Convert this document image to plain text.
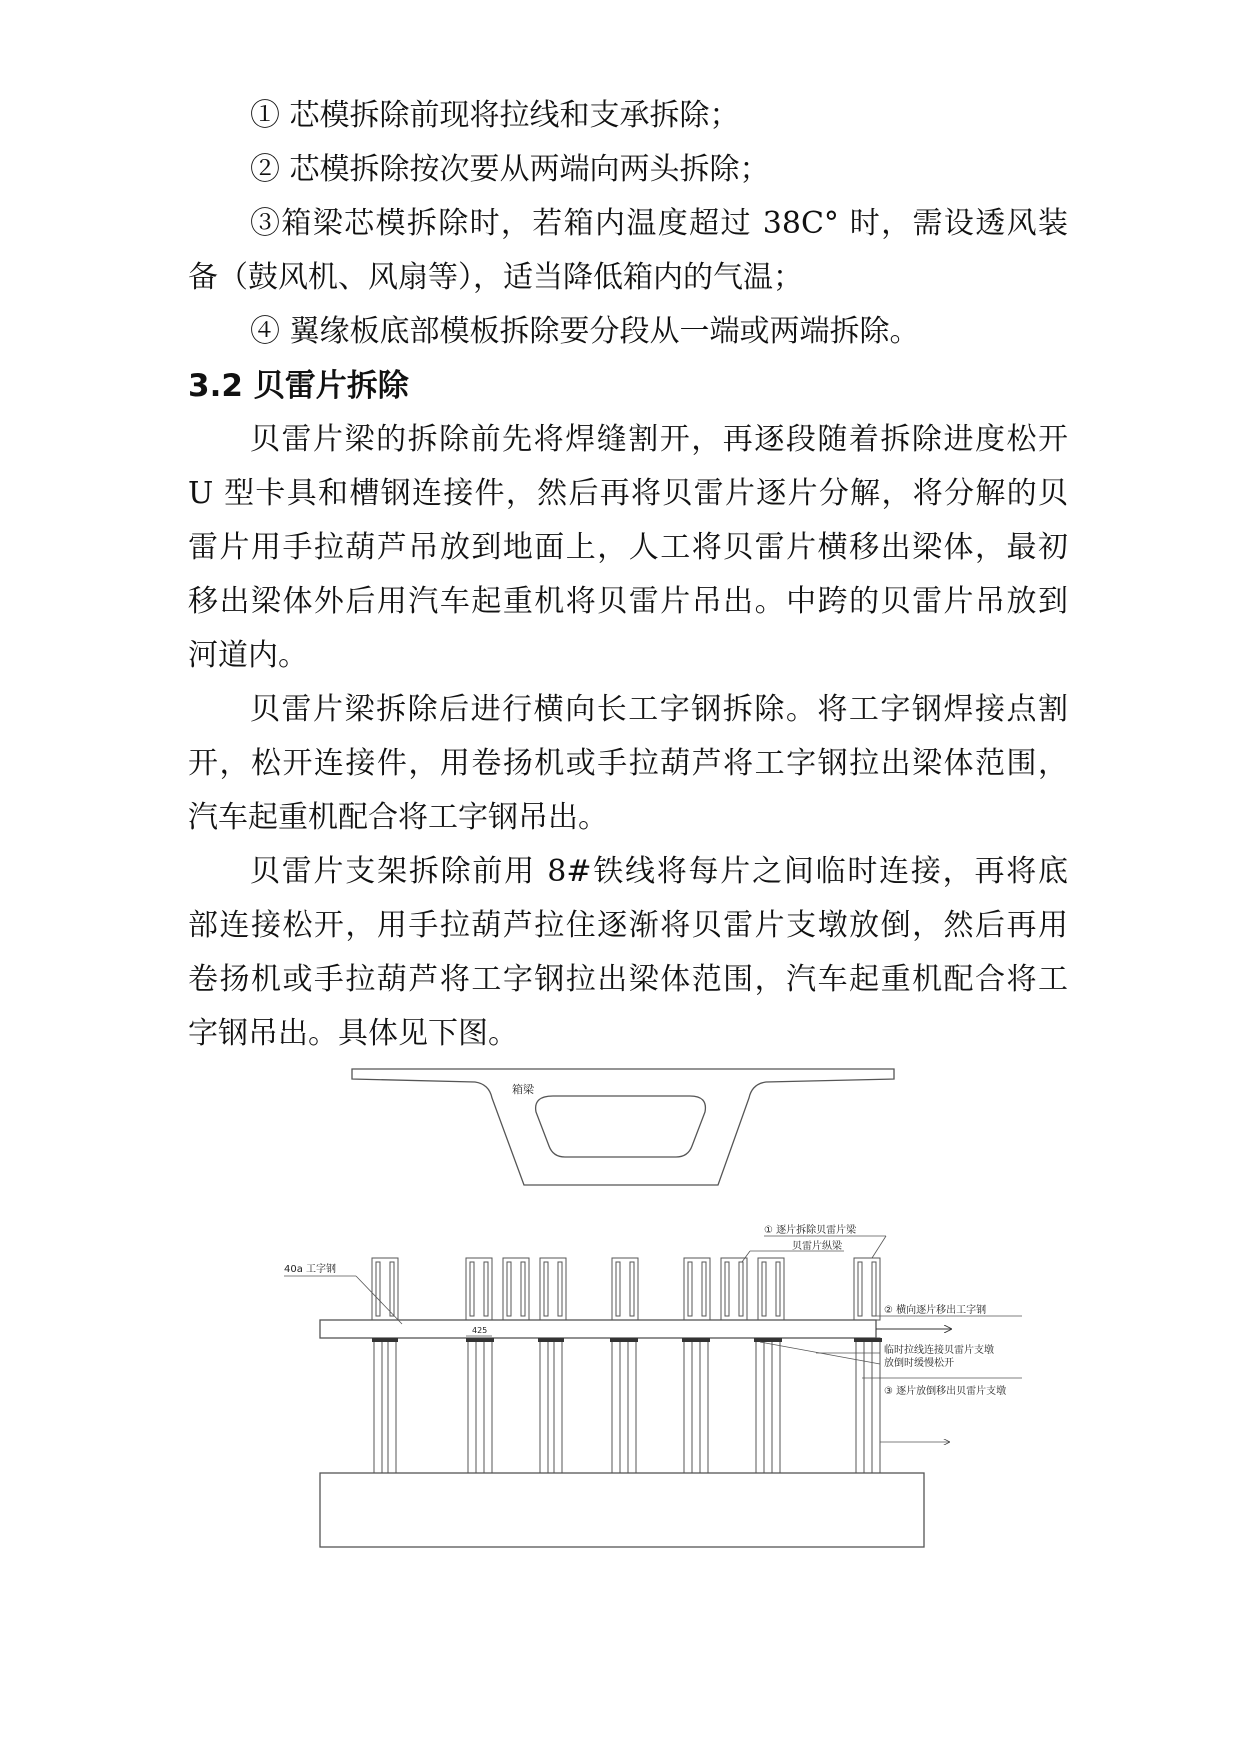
① 芯模拆除前现将拉线和支承拆除；
② 芯模拆除按次要从两端向两头拆除；
③箱梁芯模拆除时，若箱内温度超过 38C° 时，需设透风装
备（鼓风机、风扇等），适当降低箱内的气温；
④ 翼缘板底部模板拆除要分段从一端或两端拆除。
3.2 贝雷片拆除
贝雷片梁的拆除前先将焊缝割开，再逐段随着拆除进度松开
U 型卡具和槽钢连接件，然后再将贝雷片逐片分解，将分解的贝
雷片用手拉葫芦吊放到地面上，人工将贝雷片横移出梁体，最初
移出梁体外后用汽车起重机将贝雷片吊出。中跨的贝雷片吊放到
河道内。
贝雷片梁拆除后进行横向长工字钢拆除。将工字钢焊接点割
开，松开连接件，用卷扬机或手拉葫芦将工字钢拉出梁体范围，
汽车起重机配合将工字钢吊出。
贝雷片支架拆除前用 8#铁线将每片之间临时连接，再将底
部连接松开，用手拉葫芦拉住逐渐将贝雷片支墩放倒，然后再用
卷扬机或手拉葫芦将工字钢拉出梁体范围，汽车起重机配合将工
字钢吊出。具体见下图。
箱梁
425
40a 工字钢
① 逐片拆除贝雷片梁
贝雷片纵梁
② 横向逐片移出工字钢
临时拉线连接贝雷片支墩
放倒时缓慢松开
③ 逐片放倒移出贝雷片支墩
